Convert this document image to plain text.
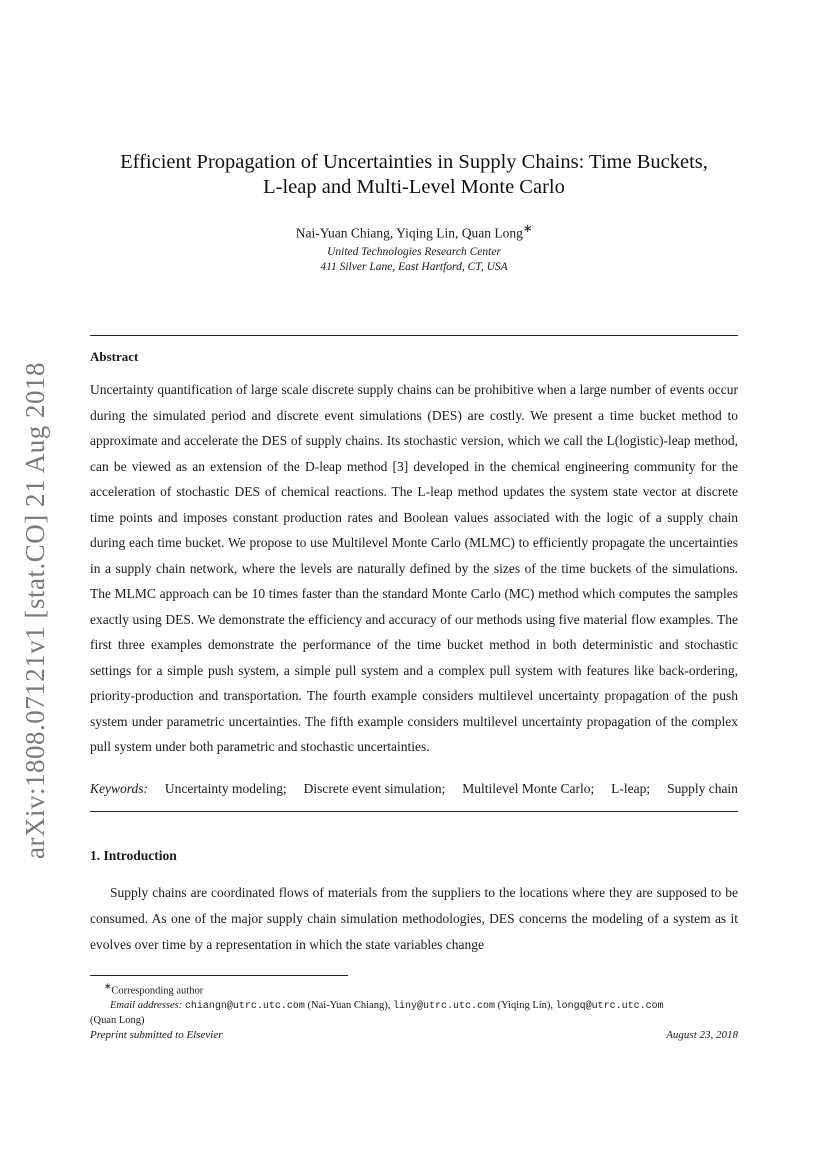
arXiv:1808.07121v1 [stat.CO] 21 Aug 2018
Efficient Propagation of Uncertainties in Supply Chains: Time Buckets,
L-leap and Multi-Level Monte Carlo
Nai-Yuan Chiang, Yiqing Lin, Quan Long∗
United Technologies Research Center
411 Silver Lane, East Hartford, CT, USA
Abstract

Uncertainty quantification of large scale discrete supply chains can be prohibitive when a large number of events occur during the simulated period and discrete event simulations (DES) are costly. We present a time bucket method to approximate and accelerate the DES of supply chains. Its stochastic version, which we call the L(logistic)-leap method, can be viewed as an extension of the D-leap method [3] developed in the chemical engineering community for the acceleration of stochastic DES of chemical reactions. The L-leap method updates the system state vector at discrete time points and imposes constant production rates and Boolean values associated with the logic of a supply chain during each time bucket. We propose to use Multilevel Monte Carlo (MLMC) to efficiently propagate the uncertainties in a supply chain network, where the levels are naturally defined by the sizes of the time buckets of the simulations. The MLMC approach can be 10 times faster than the standard Monte Carlo (MC) method which computes the samples exactly using DES. We demonstrate the efficiency and accuracy of our methods using five material flow examples. The first three examples demonstrate the performance of the time bucket method in both deterministic and stochastic settings for a simple push system, a simple pull system and a complex pull system with features like back-ordering, priority-production and transportation. The fourth example considers multilevel uncertainty propagation of the push system under parametric uncertainties. The fifth example considers multilevel uncertainty propagation of the complex pull system under both parametric and stochastic uncertainties.

Keywords: Uncertainty modeling; Discrete event simulation; Multilevel Monte Carlo; L-leap; Supply chain
1. Introduction

Supply chains are coordinated flows of materials from the suppliers to the locations where they are supposed to be consumed. As one of the major supply chain simulation methodologies, DES concerns the modeling of a system as it evolves over time by a representation in which the state variables change

∗Corresponding author
Email addresses: chiangn@utrc.utc.com (Nai-Yuan Chiang), liny@utrc.utc.com (Yiqing Lin), longq@utrc.utc.com
(Quan Long)
Preprint submitted to Elsevier	August 23, 2018
